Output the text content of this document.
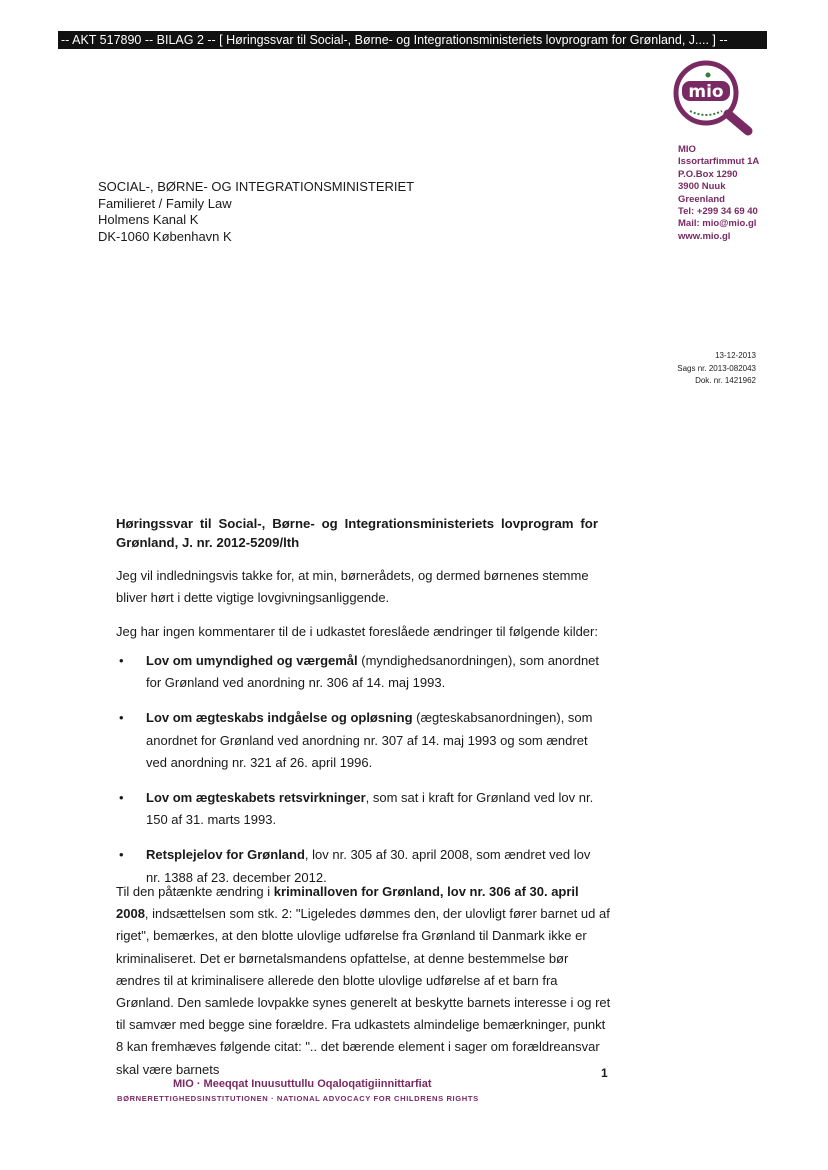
-- AKT 517890 -- BILAG 2 -- [ Høringssvar til Social-, Børne- og Integrationsministeriets lovprogram for Grønland, J.... ] --
mio
MIO
Issortarfimmut 1A
P.O.Box 1290
3900 Nuuk
Greenland
Tel: +299 34 69 40
Mail: mio@mio.gl
www.mio.gl
SOCIAL-, BØRNE- OG INTEGRATIONSMINISTERIET
Familieret / Family Law
Holmens Kanal K
DK-1060 København K
13-12-2013
Sags nr. 2013-082043
Dok. nr. 1421962
Høringssvar til Social-, Børne- og Integrationsministeriets lovprogram for Grønland, J. nr. 2012-5209/lth
Jeg vil indledningsvis takke for, at min, børnerådets, og dermed børnenes stemme bliver hørt i dette vigtige lovgivningsanliggende.
Jeg har ingen kommentarer til de i udkastet foreslåede ændringer til følgende kilder:
• Lov om umyndighed og værgemål (myndighedsanordningen), som anordnet for Grønland ved anordning nr. 306 af 14. maj 1993.
• Lov om ægteskabs indgåelse og opløsning (ægteskabsanordningen), som anordnet for Grønland ved anordning nr. 307 af 14. maj 1993 og som ændret ved anordning nr. 321 af 26. april 1996.
• Lov om ægteskabets retsvirkninger, som sat i kraft for Grønland ved lov nr. 150 af 31. marts 1993.
• Retsplejelov for Grønland, lov nr. 305 af 30. april 2008, som ændret ved lov nr. 1388 af 23. december 2012.
Til den påtænkte ændring i kriminalloven for Grønland, lov nr. 306 af 30. april 2008, indsættelsen som stk. 2: "Ligeledes dømmes den, der ulovligt fører barnet ud af riget", bemærkes, at den blotte ulovlige udførelse fra Grønland til Danmark ikke er kriminaliseret. Det er børnetalsmandens opfattelse, at denne bestemmelse bør ændres til at kriminalisere allerede den blotte ulovlige udførelse af et barn fra Grønland. Den samlede lovpakke synes generelt at beskytte barnets interesse i og ret til samvær med begge sine forældre. Fra udkastets almindelige bemærkninger, punkt 8 kan fremhæves følgende citat: ".. det bærende element i sager om forældreansvar skal være barnets	1
MIO · Meeqqat Inuusuttullu Oqaloqatigiinnittarfiat
BØRNERETTIGHEDSINSTITUTIONEN · NATIONAL ADVOCACY FOR CHILDRENS RIGHTS
